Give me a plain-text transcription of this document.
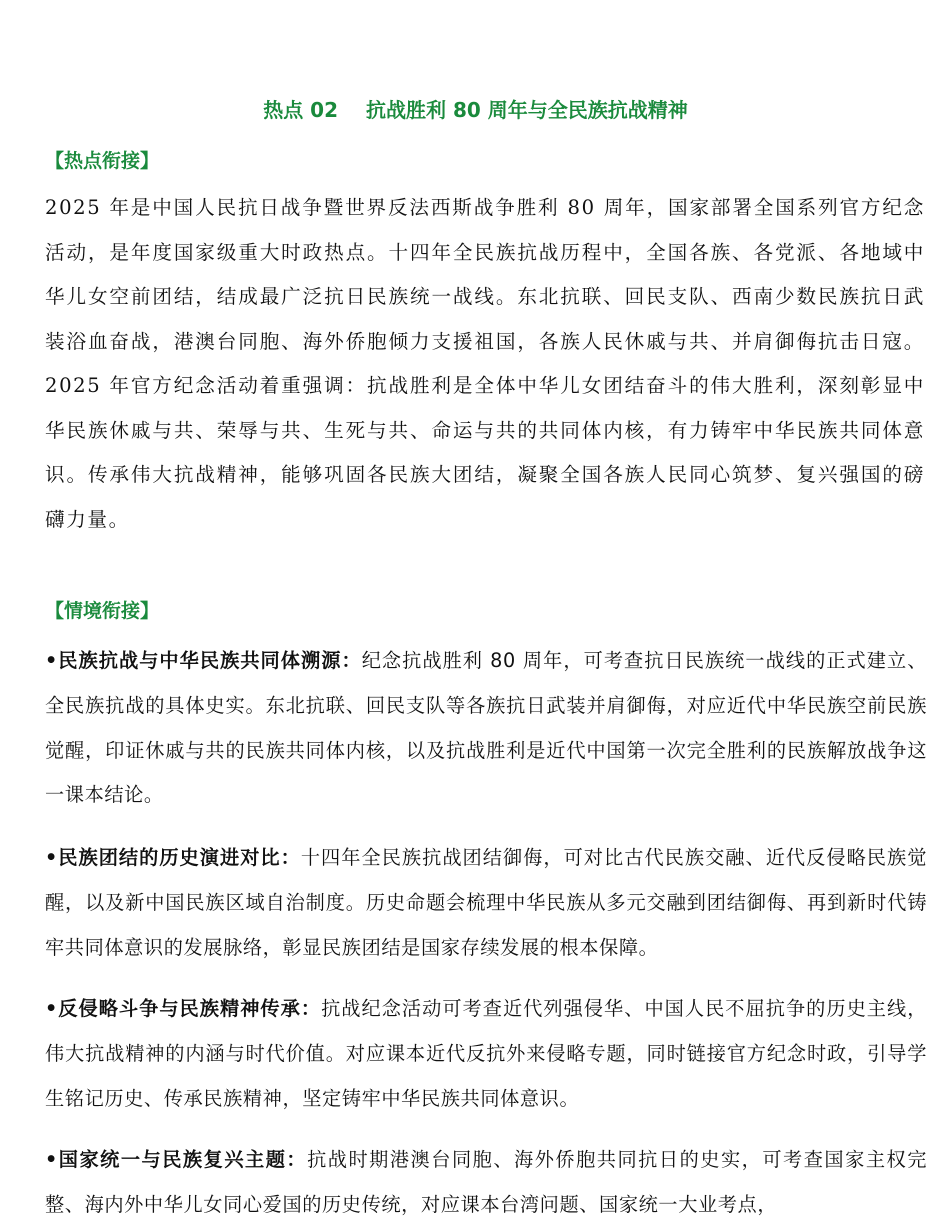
热点 02 抗战胜利 80 周年与全民族抗战精神
【热点衔接】
2025 年是中国人民抗日战争暨世界反法西斯战争胜利 80 周年，国家部署全国系列官方纪念活动，是年度国家级重大时政热点。十四年全民族抗战历程中，全国各族、各党派、各地域中华儿女空前团结，结成最广泛抗日民族统一战线。东北抗联、回民支队、西南少数民族抗日武装浴血奋战，港澳台同胞、海外侨胞倾力支援祖国，各族人民休戚与共、并肩御侮抗击日寇。2025 年官方纪念活动着重强调：抗战胜利是全体中华儿女团结奋斗的伟大胜利，深刻彰显中华民族休戚与共、荣辱与共、生死与共、命运与共的共同体内核，有力铸牢中华民族共同体意识。传承伟大抗战精神，能够巩固各民族大团结，凝聚全国各族人民同心筑梦、复兴强国的磅礴力量。
【情境衔接】
•民族抗战与中华民族共同体溯源：纪念抗战胜利 80 周年，可考查抗日民族统一战线的正式建立、全民族抗战的具体史实。东北抗联、回民支队等各族抗日武装并肩御侮，对应近代中华民族空前民族觉醒，印证休戚与共的民族共同体内核，以及抗战胜利是近代中国第一次完全胜利的民族解放战争这一课本结论。
•民族团结的历史演进对比：十四年全民族抗战团结御侮，可对比古代民族交融、近代反侵略民族觉醒，以及新中国民族区域自治制度。历史命题会梳理中华民族从多元交融到团结御侮、再到新时代铸牢共同体意识的发展脉络，彰显民族团结是国家存续发展的根本保障。
•反侵略斗争与民族精神传承：抗战纪念活动可考查近代列强侵华、中国人民不屈抗争的历史主线，伟大抗战精神的内涵与时代价值。对应课本近代反抗外来侵略专题，同时链接官方纪念时政，引导学生铭记历史、传承民族精神，坚定铸牢中华民族共同体意识。
•国家统一与民族复兴主题：抗战时期港澳台同胞、海外侨胞共同抗日的史实，可考查国家主权完整、海内外中华儿女同心爱国的历史传统，对应课本台湾问题、国家统一大业考点，
